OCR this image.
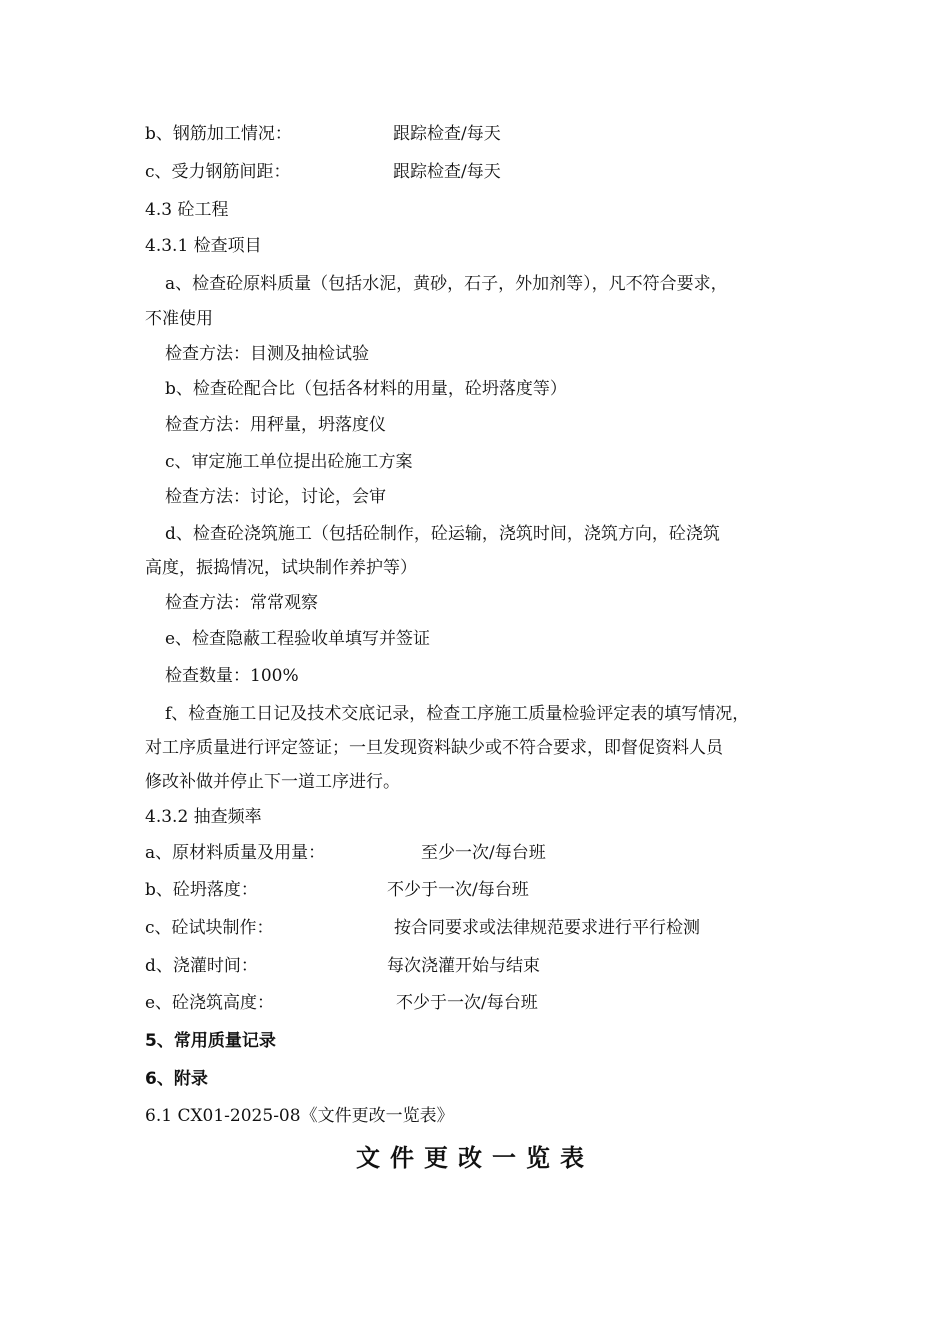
b、钢筋加工情况：	跟踪检查/每天
c、受力钢筋间距：	跟踪检查/每天
4.3 砼工程
4.3.1 检查项目
a、检查砼原料质量（包括水泥，黄砂，石子，外加剂等），凡不符合要求，
不准使用
检查方法：目测及抽检试验
b、检查砼配合比（包括各材料的用量，砼坍落度等）
检查方法：用秤量，坍落度仪
c、审定施工单位提出砼施工方案
检查方法：讨论，讨论，会审
d、检查砼浇筑施工（包括砼制作，砼运输，浇筑时间，浇筑方向，砼浇筑
高度，振捣情况，试块制作养护等）
检查方法：常常观察
e、检查隐蔽工程验收单填写并签证
检查数量：100%
f、检查施工日记及技术交底记录，检查工序施工质量检验评定表的填写情况，
对工序质量进行评定签证；一旦发现资料缺少或不符合要求，即督促资料人员
修改补做并停止下一道工序进行。
4.3.2 抽查频率
a、原材料质量及用量：	至少一次/每台班
b、砼坍落度：	不少于一次/每台班
c、砼试块制作：	按合同要求或法律规范要求进行平行检测
d、浇灌时间：	每次浇灌开始与结束
e、砼浇筑高度：	不少于一次/每台班
5、常用质量记录
6、附录
6.1 CX01-2025-08《文件更改一览表》
文件更改一览表
